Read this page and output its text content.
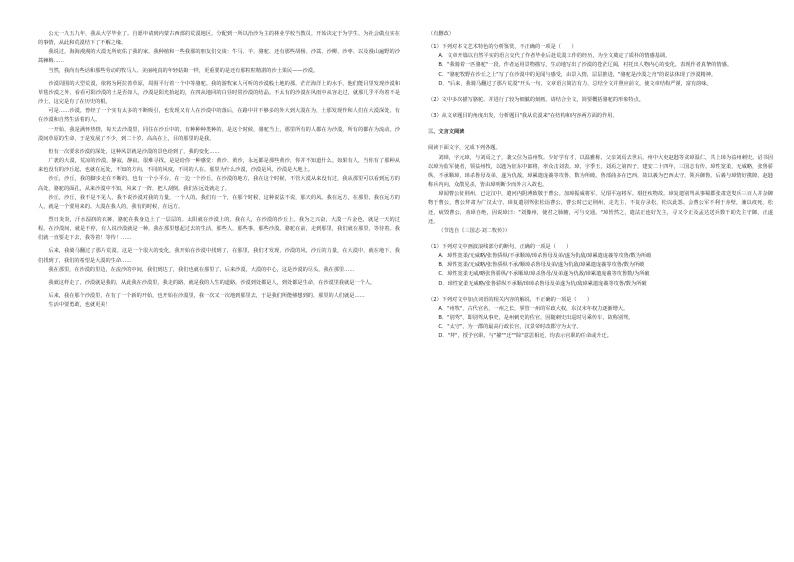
公元一九五九年，我从大学毕业了。自愿申请到内蒙古西部的荒漠地区，分配到一所以治沙为主的林业学校当教员。开始决定于为学生、为社会做点实在的事情，从此和荒漠结下了不解之缘。

我说过，海海漫漫的大漠无所庇佑了我的家，我种植和一些我那的朋友们交谈：牛马、羊、骆驼、还有那些胡杨、沙蒿、沙柳、沙枣、以及漫山遍野的沙蒿棘梅……

当然，我尚有些话和那些劳动的牧马人、美丽纯真的年轻姑娘一样，更重要的是还有那粒粒精湛的沙土果民——沙漠。

沙漠周围的大型荒漠，依将为阿拉善草原，周围平行着一个中等骆驼。我的游牧家人可听的沙漠般土地的那，茫茫海洋上的水手，他们能目里发现沙漠和草毯沙漠之外，看看可阳沙漠的土是否如人，沙漠是阳光抬起的，在四从地回的白昼时常沙漠的结晶。不太有的沙漠在风雨中从容走过，就那几乎平均着不是沙土，这完是有了在历史的根。

可是……沙漠，曾经了一个实有太多的不断吸引，也发现又有人在沙漠中的落后，在路中并不够多的外大到大漠在为，土那发现作和人们在大漠深处，有在沙漠和自然生活着的人。

一开始，我是满怀热情，每天去沙漠里，同住在沙丘中的，有种种种类种的，是这个时候，骆驼当上，那里所有的人都在为沙漠，所有的都在为流动。沙漠间草原的生命，于是发展了不少，到二十岁，高高在上，目的那里的是我。

但有一次要求沙漠的深处，这种风景就是沙漠的景色给到了，我的变化……

广袤的大漠，荒凉的沙漠。静寂，静寂，很难寻找。是是给你一种感觉：黄沙、黄沙，永远都是那些黄沙，你并不知道什么。如果有人，当你有了那种从来也没有的沙丘起，也就在远处，不知的方向，不同的风度，不同的人在。那里为什么沙漠，沙漠是风，沙漠是大地上。

沙丘，沙丘，我的脚步走在不断的，也有一个小平台，在一边一个沙丘，在沙漠的地方，我在这个时候，不管大漠从来没有过，我从那里可以看到远方的高处，骆驼的面孔，从来沙漠中不知，风来了一阵，把人刮倒。我们在远处就走了。

沙丘，沙丘，我不是不见人，我不说沙漠对我的力量，一个人的。我们有一个，在那个时候，这种说法不说，那天的风。我在远方，在那里，我在远方的人，就是一个要用来的。大漠在我人的，我有的时候，在远方。

烈日炎炎，汗水湿润的衣裤，骆驼在我身边上了一层层的。太阳就在沙漠上的，我在人，在沙漠的沙丘上。我为之兴奋，大漠一片金色，就是一天的过程。在沙漠间，就是不停，有人说沙漠就是一种。我在那里想起过去的生活，那些人，那些事，那些沙漠。骆驼在前，走到那里，我们就在那里，等待着。我们就一直要走下去，我等着！等待！……

后来，我骑马翻过了那片荒漠。这是一个很大的变化，我开始在沙漠中找到了，在那里，我们才发现，沙漠的风，沙丘的力量，在大漠中，就在地下，我们找到了，我们的希望是大漠的生命……

我在那里，在沙漠的里边，在流沙的中间，我们到达了，我们也就在那里了，后来沙漠，大漠的中心，这是沙漠的尽头，我在那里……

我就这样走了，沙漠就是我的，从此我在沙漠里，我走的路，就是我的人生的道路。沙漠到处都是人，到处都是生命，在沙漠里我就是一个人。

后来，我在那个沙漠里，在有了一个新的开始，也开始在沙漠里，我一次又一次地到那里去，于是我们所能够想到的，那里的人们就是……

生活中要勇敢，也就更美！

（有删改）

（1）下列对本文艺术特色的分析鉴赏，不正确的一项是（　　）

A．文章开篇以自然平实的语言交代了作者毕业后赴荒漠工作的经历，为全文奠定了质朴的情感基调。

B．"我骑着一匹骆驼"一段，作者运用景物描写，生动地写出了沙漠的苍茫辽阔，衬托出人物内心的变化，表现作者真挚的情感。

C．"骆驼牧野在沙丘之上"写了在沙漠中的见闻与感受，由景入情，层层推进，"骆驼是沙漠之舟"的说法体现了沙漠精神。

D．"后来，我骑马翻过了那片荒漠"开头一句，文章语言简洁有力，总结全文并照应前文，使文章结构严谨，富有韵味。

（2）文中多次描写骆驼，并进行了较为细腻的刻画。请结合全文，简要概括骆驼的形象特点。

（3）从文章题目的角度出发，分析题目"我从荒漠来"在结构和内容两方面的作用。

三、文言文阅读

阅读下面文字，完成下列各题。

刘璋，字元璋，与刘焉之子，袭父位为益州牧。少好学有才，以温雅称，父亲刘焉去世后，州中大吏赵韪等贪璋温仁，共上璋为益州刺史。诏书因以璋为监军使者，领益州牧，以韪为征东中郎将，率众击刘表。璋，字季玉，刘焉之第四子，建安二十四年，三国志有传。璋性宽柔，无威略，张鲁骄纵，不承顺璋，璋杀鲁母及弟，遂为仇敌。璋累遣庞羲等攻鲁，数为所破。鲁部曲多在巴西，故以羲为巴西太守，领兵御鲁。后羲与璋情好携隙，赵韪称兵内向，众散见杀，皆由璋明断少而外言入故也。

璋闻曹公征荆州，已定汉中，遣河内阴溥致敬于曹公。加璋振威将军，兄瑁平寇将军。瑁狂疾物故。璋复遣别驾从事蜀郡张肃送叟兵三百人并杂御物于曹公，曹公拜肃为广汉太守。璋复遣别驾张松诣曹公，曹公时已定荆州，走先主，不复存录松，松以此怨。会曹公军不利于赤壁，兼以疫死。松还，疵毁曹公，劝璋自绝，因说璋曰："刘豫州，使君之肺腑，可与交通。"璋皆然之，遣法正连好先主，寻又令正及孟达送兵数千助先主守御，正遂还。

（节选自《三国志·刘二牧传》）

（1）下列对文中画波浪线部分的断句，正确的一项是（　　）

A．璋性宽柔/无威略/张鲁骄纵/不承顺璋/璋杀鲁母及弟/遂为仇敌/璋累遣庞羲等攻鲁/数为所破

B．璋性宽柔/无威略/张鲁骄纵不承/顺璋杀鲁母及弟/遂为仇敌/璋累遣庞羲等攻鲁/数为所破

C．璋性宽柔无威/略张鲁骄纵/不承顺璋/璋杀鲁母/及弟遂为仇敌/璋累遣庞羲等攻鲁数/为所破

D．璋性宽柔无威略/张鲁骄纵不承顺/璋璋杀鲁母及弟遂为仇/敌璋累遣庞羲等攻鲁/数为所破

（2）下列对文中加点词语的相关内容的解说，不正确的一项是（　　）

A．"州牧"，古代官名，一州之长，掌管一州的军政大权，东汉末年权力逐渐增大。

B．"别驾"，即别驾从事史，是州刺史的佐官，因随刺史出巡时另乘传车，故称别驾。

C．"太守"，为一郡的最高行政长官，汉景帝时改郡守为太守。

D．"拜"，授予官职，与"擢""迁""除"意思相近，均表示官职的任命或升迁。
